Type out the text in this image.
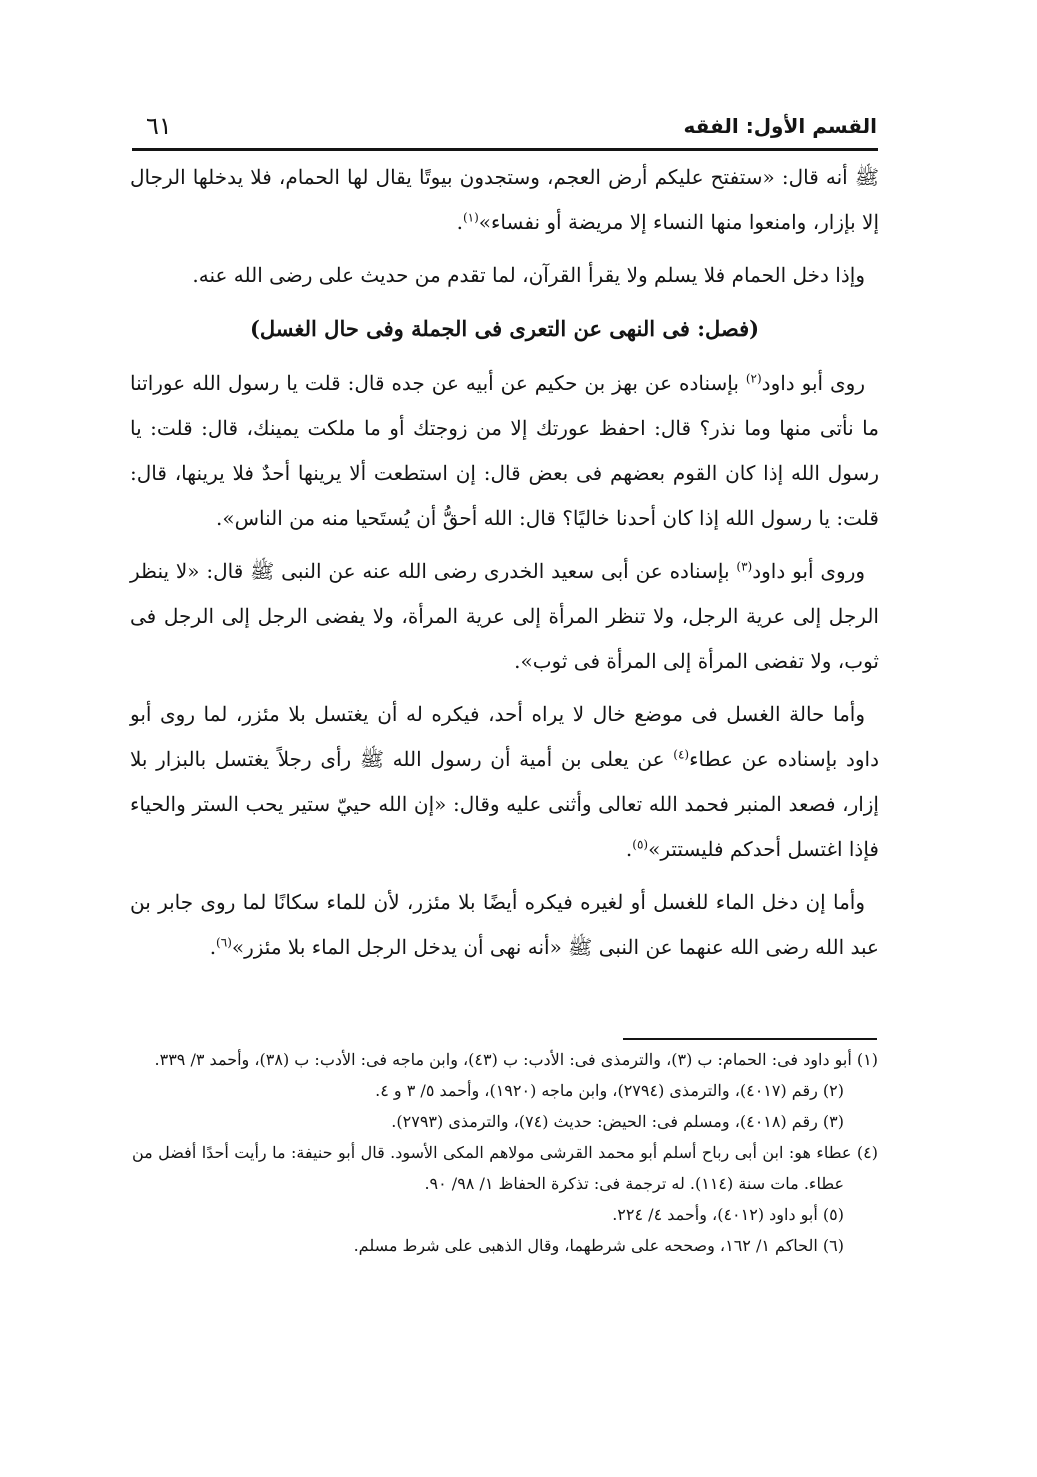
القسم الأول: الفقه
٦١

ﷺ أنه قال: «ستفتح عليكم أرض العجم، وستجدون بيوتًا يقال لها الحمام، فلا يدخلها الرجال إلا بإزار، وامنعوا منها النساء إلا مريضة أو نفساء»$^{(١)}$.

وإذا دخل الحمام فلا يسلم ولا يقرأ القرآن، لما تقدم من حديث على رضى الله عنه.

(فصل: فى النهى عن التعرى فى الجملة وفى حال الغسل)

روى أبو داود$^{(٢)}$ بإسناده عن بهز بن حكيم عن أبيه عن جده قال: قلت يا رسول الله عوراتنا ما نأتى منها وما نذر؟ قال: احفظ عورتك إلا من زوجتك أو ما ملكت يمينك، قال: قلت: يا رسول الله إذا كان القوم بعضهم فى بعض قال: إن استطعت ألا يرينها أحدٌ فلا يرينها، قال: قلت: يا رسول الله إذا كان أحدنا خاليًا؟ قال: الله أحقُّ أن يُستَحيا منه من الناس».

وروى أبو داود$^{(٣)}$ بإسناده عن أبى سعيد الخدرى رضى الله عنه عن النبى ﷺ قال: «لا ينظر الرجل إلى عرية الرجل، ولا تنظر المرأة إلى عرية المرأة، ولا يفضى الرجل إلى الرجل فى ثوب، ولا تفضى المرأة إلى المرأة فى ثوب».

وأما حالة الغسل فى موضع خال لا يراه أحد، فيكره له أن يغتسل بلا مئزر، لما روى أبو داود بإسناده عن عطاء$^{(٤)}$ عن يعلى بن أمية أن رسول الله ﷺ رأى رجلاً يغتسل بالبزار بلا إزار، فصعد المنبر فحمد الله تعالى وأثنى عليه وقال: «إن الله حييّ ستير يحب الستر والحياء فإذا اغتسل أحدكم فليستتر»$^{(٥)}$.

وأما إن دخل الماء للغسل أو لغيره فيكره أيضًا بلا مئزر، لأن للماء سكانًا لما روى جابر بن عبد الله رضى الله عنهما عن النبى ﷺ «أنه نهى أن يدخل الرجل الماء بلا مئزر»$^{(٦)}$.

(١) أبو داود فى: الحمام: ب (٣)، والترمذى فى: الأدب: ب (٤٣)، وابن ماجه فى: الأدب: ب (٣٨)، وأحمد ٣/ ٣٣٩.

(٢) رقم (٤٠١٧)، والترمذى (٢٧٩٤)، وابن ماجه (١٩٢٠)، وأحمد ٥/ ٣ و ٤.

(٣) رقم (٤٠١٨)، ومسلم فى: الحيض: حديث (٧٤)، والترمذى (٢٧٩٣).

(٤) عطاء هو: ابن أبى رباح أسلم أبو محمد القرشى مولاهم المكى الأسود. قال أبو حنيفة: ما رأيت أحدًا أفضل من عطاء. مات سنة (١١٤). له ترجمة فى: تذكرة الحفاظ ١/ ٩٨/ ٩٠.

(٥) أبو داود (٤٠١٢)، وأحمد ٤/ ٢٢٤.

(٦) الحاكم ١/ ١٦٢، وصححه على شرطهما، وقال الذهبى على شرط مسلم.
